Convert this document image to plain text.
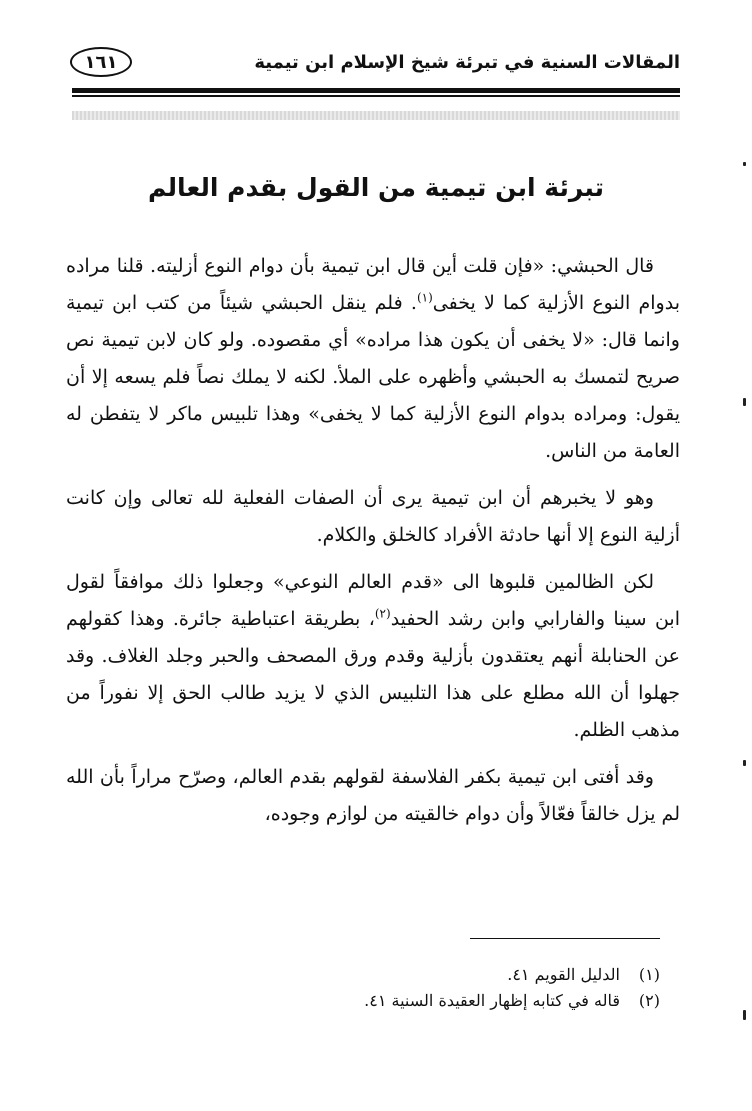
المقالات السنية في تبرئة شيخ الإسلام ابن تيمية
١٦١
تبرئة ابن تيمية من القول بقدم العالم

قال الحبشي: «فإن قلت أين قال ابن تيمية بأن دوام النوع أزليته. قلنا مراده بدوام النوع الأزلية كما لا يخفى$^{(١)}$. فلم ينقل الحبشي شيئاً من كتب ابن تيمية وانما قال: «لا يخفى أن يكون هذا مراده» أي مقصوده. ولو كان لابن تيمية نص صريح لتمسك به الحبشي وأظهره على الملأ. لكنه لا يملك نصاً فلم يسعه إلا أن يقول: ومراده بدوام النوع الأزلية كما لا يخفى» وهذا تلبيس ماكر لا يتفطن له العامة من الناس.

وهو لا يخبرهم أن ابن تيمية يرى أن الصفات الفعلية لله تعالى وإن كانت أزلية النوع إلا أنها حادثة الأفراد كالخلق والكلام.

لكن الظالمين قلبوها الى «قدم العالم النوعي» وجعلوا ذلك موافقاً لقول ابن سينا والفارابي وابن رشد الحفيد$^{(٢)}$، بطريقة اعتباطية جائرة. وهذا كقولهم عن الحنابلة أنهم يعتقدون بأزلية وقدم ورق المصحف والحبر وجلد الغلاف. وقد جهلوا أن الله مطلع على هذا التلبيس الذي لا يزيد طالب الحق إلا نفوراً من مذهب الظلم.

وقد أفتى ابن تيمية بكفر الفلاسفة لقولهم بقدم العالم، وصرّح مراراً بأن الله لم يزل خالقاً فعّالاً وأن دوام خالقيته من لوازم وجوده،

(١)
الدليل القويم ٤١.
(٢)
قاله في كتابه إظهار العقيدة السنية ٤١.
